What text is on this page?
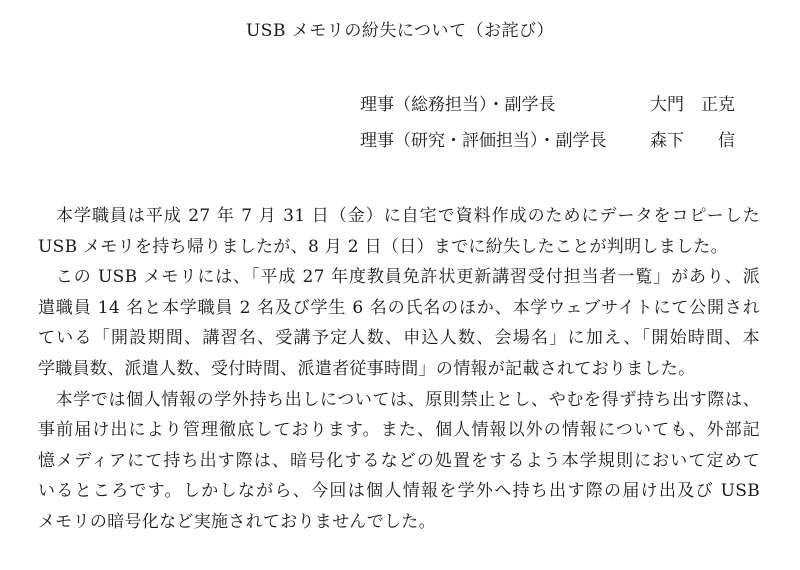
USB メモリの紛失について（お詫び）
理事（総務担当）・副学長	大門　正克
理事（研究・評価担当）・副学長	森下　　信
　本学職員は平成 27 年 7 月 31 日（金）に自宅で資料作成のためにデータをコピーした
USB メモリを持ち帰りましたが、8 月 2 日（日）までに紛失したことが判明しました。
　この USB メモリには、「平成 27 年度教員免許状更新講習受付担当者一覧」があり、派
遣職員 14 名と本学職員 2 名及び学生 6 名の氏名のほか、本学ウェブサイトにて公開され
ている「開設期間、講習名、受講予定人数、申込人数、会場名」に加え、「開始時間、本
学職員数、派遣人数、受付時間、派遣者従事時間」の情報が記載されておりました。
　本学では個人情報の学外持ち出しについては、原則禁止とし、やむを得ず持ち出す際は、
事前届け出により管理徹底しております。また、個人情報以外の情報についても、外部記
憶メディアにて持ち出す際は、暗号化するなどの処置をするよう本学規則において定めて
いるところです。しかしながら、今回は個人情報を学外へ持ち出す際の届け出及び USB
メモリの暗号化など実施されておりませんでした。
